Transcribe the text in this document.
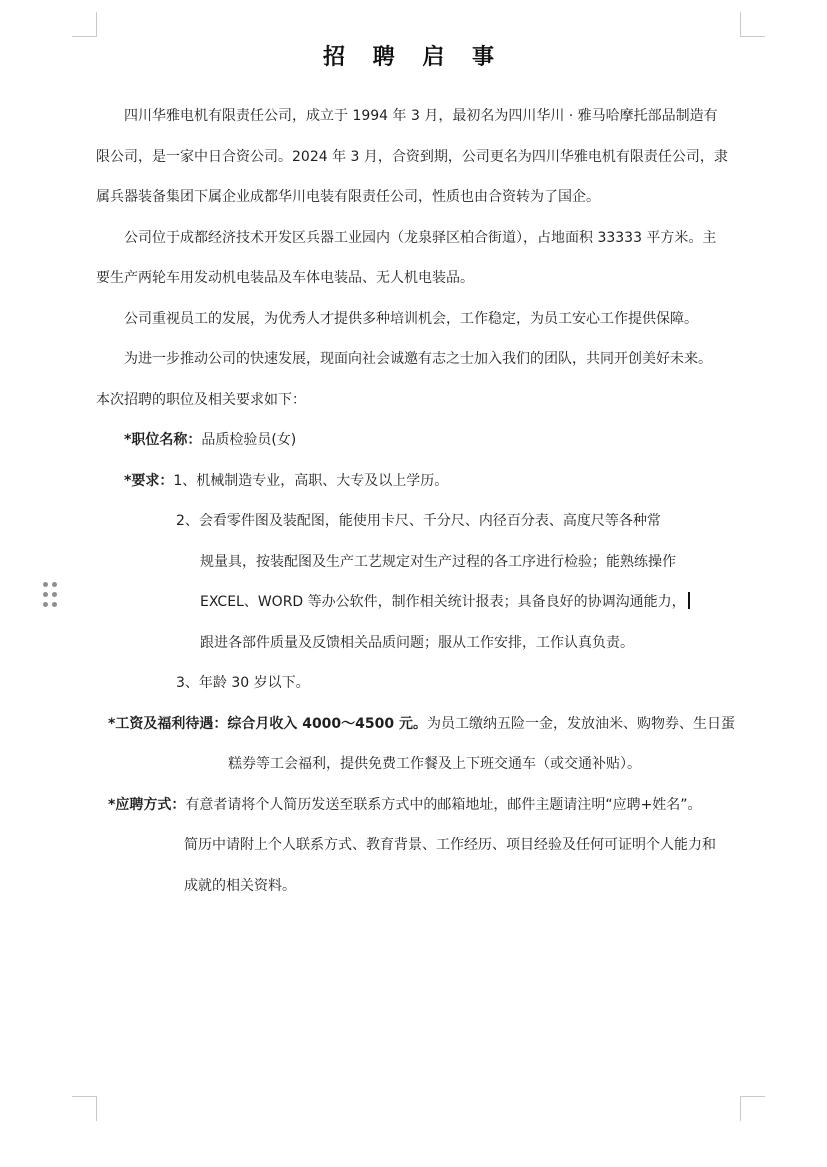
招 聘 启 事
四川华雅电机有限责任公司，成立于 1994 年 3 月，最初名为四川华川 · 雅马哈摩托部品制造有
限公司，是一家中日合资公司。2024 年 3 月，合资到期，公司更名为四川华雅电机有限责任公司，隶
属兵器装备集团下属企业成都华川电装有限责任公司，性质也由合资转为了国企。
公司位于成都经济技术开发区兵器工业园内（龙泉驿区柏合街道），占地面积 33333 平方米。主
要生产两轮车用发动机电装品及车体电装品、无人机电装品。
公司重视员工的发展，为优秀人才提供多种培训机会，工作稳定，为员工安心工作提供保障。
为进一步推动公司的快速发展，现面向社会诚邀有志之士加入我们的团队，共同开创美好未来。
本次招聘的职位及相关要求如下：
*职位名称：品质检验员(女)
*要求：1、机械制造专业，高职、大专及以上学历。
2、会看零件图及装配图，能使用卡尺、千分尺、内径百分表、高度尺等各种常
规量具，按装配图及生产工艺规定对生产过程的各工序进行检验；能熟练操作
EXCEL、WORD 等办公软件，制作相关统计报表；具备良好的协调沟通能力，
跟进各部件质量及反馈相关品质问题；服从工作安排，工作认真负责。
3、年龄 30 岁以下。
*工资及福利待遇：综合月收入 4000～4500 元。为员工缴纳五险一金，发放油米、购物券、生日蛋
糕券等工会福利，提供免费工作餐及上下班交通车（或交通补贴）。
*应聘方式：有意者请将个人简历发送至联系方式中的邮箱地址，邮件主题请注明“应聘+姓名”。
简历中请附上个人联系方式、教育背景、工作经历、项目经验及任何可证明个人能力和
成就的相关资料。
